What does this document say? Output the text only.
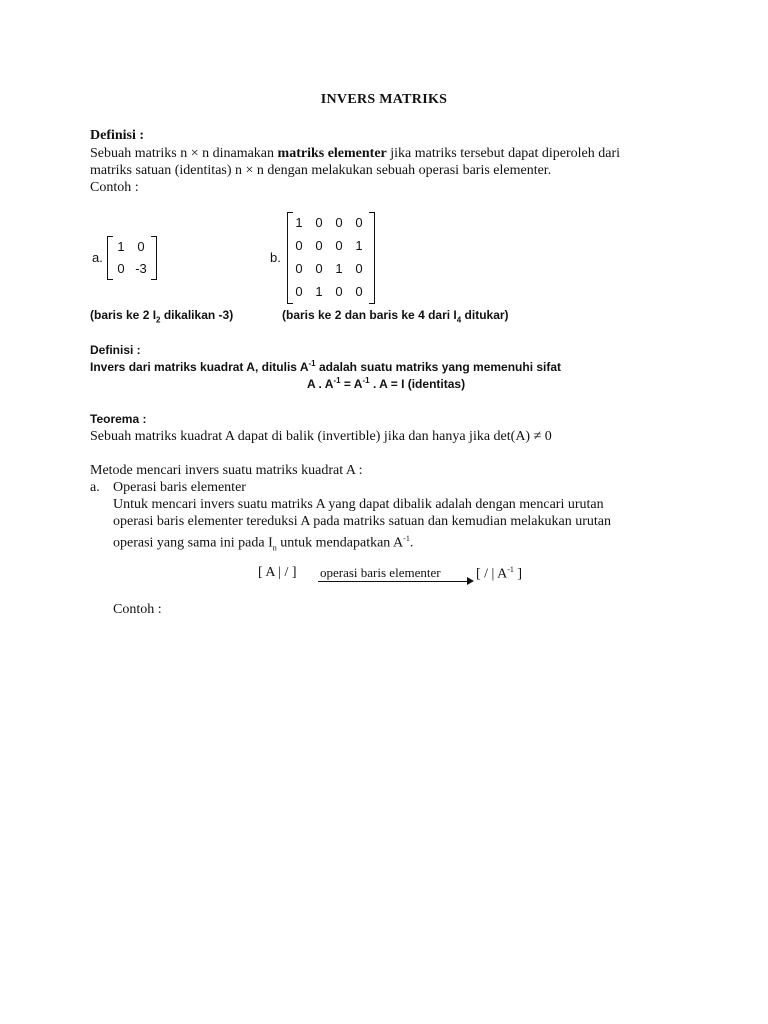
INVERS MATRIKS
Definisi :
Sebuah matriks n × n dinamakan matriks elementer jika matriks tersebut dapat diperoleh dari
matriks satuan (identitas) n × n dengan melakukan sebuah operasi baris elementer.
Contoh :
a.
1 0
0 -3
(baris ke 2 $I_2$ dikalikan -3)
b.
1 0 0 0
0 0 0 1
0 0 1 0
0 1 0 0
(baris ke 2 dan baris ke 4 dari $I_4$ ditukar)
Definisi :
Invers dari matriks kuadrat A, ditulis $A^{-1}$ adalah suatu matriks yang memenuhi sifat
A . $A^{-1} = A^{-1}$ . A = I (identitas)
Teorema :
Sebuah matriks kuadrat A dapat di balik (invertible) jika dan hanya jika det(A) ≠ 0
Metode mencari invers suatu matriks kuadrat A :
a. Operasi baris elementer
Untuk mencari invers suatu matriks A yang dapat dibalik adalah dengan mencari urutan
operasi baris elementer tereduksi A pada matriks satuan dan kemudian melakukan urutan
operasi yang sama ini pada $I_n$ untuk mendapatkan $A^{-1}$.
[ A | / ] operasi baris elementer	[ / | $A^{-1}$ ]
Contoh :
